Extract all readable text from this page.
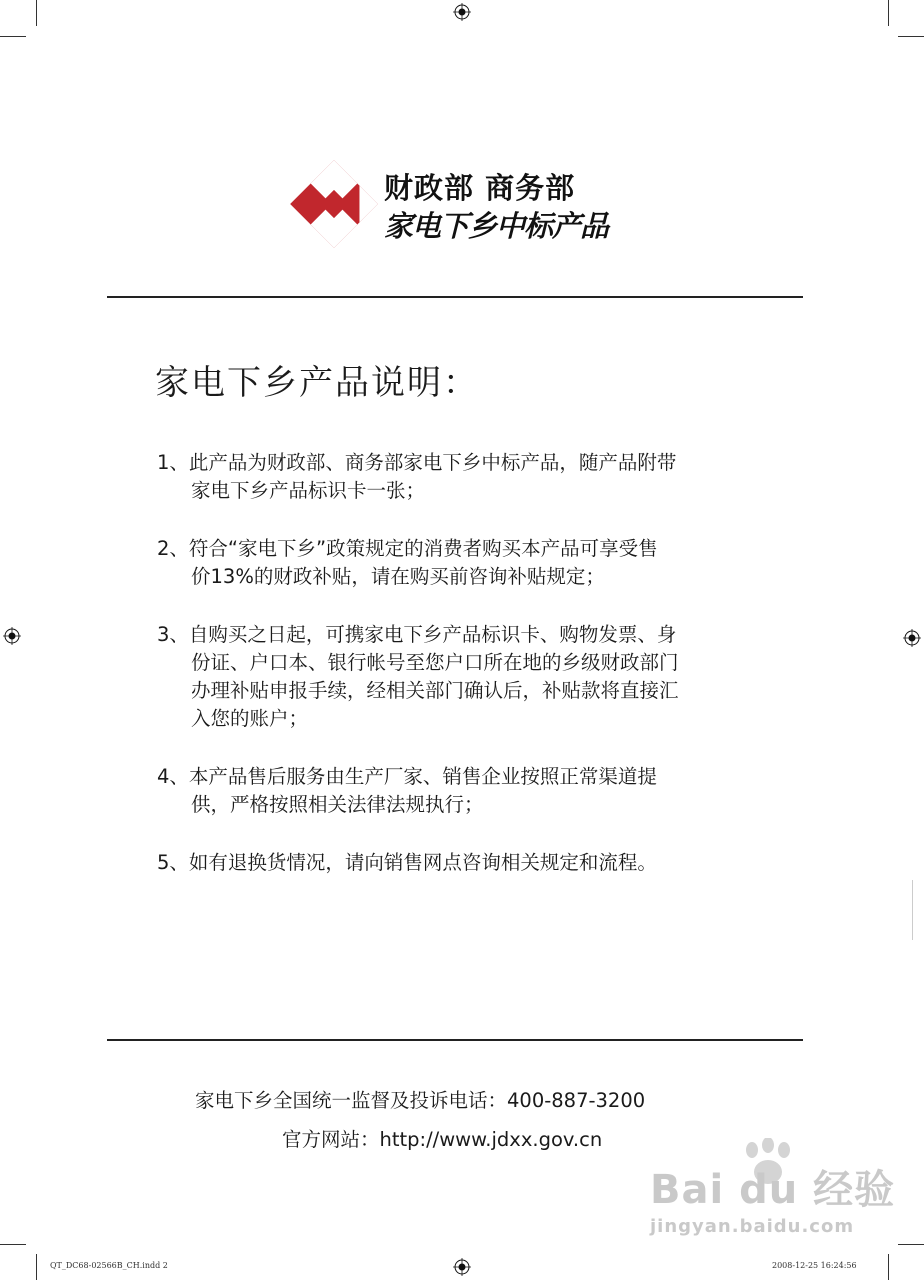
财政部 商务部
家电下乡中标产品
家电下乡产品说明：
1、此产品为财政部、商务部家电下乡中标产品，随产品附带
家电下乡产品标识卡一张；
2、符合“家电下乡”政策规定的消费者购买本产品可享受售
价13%的财政补贴，请在购买前咨询补贴规定；
3、自购买之日起，可携家电下乡产品标识卡、购物发票、身
份证、户口本、银行帐号至您户口所在地的乡级财政部门
办理补贴申报手续，经相关部门确认后，补贴款将直接汇
入您的账户；
4、本产品售后服务由生产厂家、销售企业按照正常渠道提
供，严格按照相关法律法规执行；
5、如有退换货情况，请向销售网点咨询相关规定和流程。
家电下乡全国统一监督及投诉电话：400-887-3200
官方网站：http://www.jdxx.gov.cn
Bai du 经验
jingyan.baidu.com
QT_DC68-02566B_CH.indd 2	2008-12-25 16:24:56
